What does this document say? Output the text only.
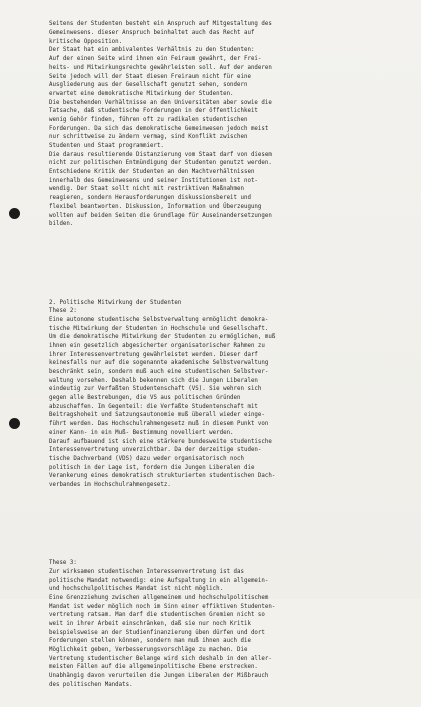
Seitens der Studenten besteht ein Anspruch auf Mitgestaltung des
Gemeinwesens. dieser Anspruch beinhaltet auch das Recht auf
kritische Opposition.
Der Staat hat ein ambivalentes Verhältnis zu den Studenten:
Auf der einen Seite wird ihnen ein Feiraum gewährt, der Frei-
heits- und Mitwirkungsrechte gewährleisten soll. Auf der anderen
Seite jedoch will der Staat diesen Freiraum nicht für eine
Ausgliederung aus der Gesellschaft genutzt sehen, sondern
erwartet eine demokratische Mitwirkung der Studenten.
Die bestehenden Verhältnisse an den Universitäten aber sowie die
Tatsache, daß studentische Forderungen in der öffentlichkeit
wenig Gehör finden, führen oft zu radikalen studentischen
Forderungen. Da sich das demokratische Gemeinwesen jedoch meist
nur schrittweise zu ändern vermag, sind Konflikt zwischen
Studenten und Staat programmiert.
Die daraus resultierende Distanzierung vom Staat darf von diesem
nicht zur politischen Entmündigung der Studenten genutzt werden.
Entschiedene Kritik der Studenten an den Machtverhältnissen
innerhalb des Gemeinwesens und seiner Institutionen ist not-
wendig. Der Staat sollt nicht mit restriktiven Maßnahmen
reagieren, sondern Herausforderungen diskussionsbereit und
flexibel beantworten. Diskussion, Information und Überzeugung
wollten auf beiden Seiten die Grundlage für Auseinandersetzungen
bilden.

2. Politische Mitwirkung der Studenten
These 2:
Eine autonome studentische Selbstverwaltung ermöglicht demokra-
tische Mitwirkung der Studenten in Hochschule und Gesellschaft.
Um die demokratische Mitwirkung der Studenten zu ermöglichen, muß
ihnen ein gesetzlich abgesicherter organisatorischer Rahmen zu
ihrer Interessenvertretung gewährleistet werden. Dieser darf
keinesfalls nur auf die sogenannte akademische Selbstverwaltung
beschränkt sein, sondern muß auch eine studentischen Selbstver-
waltung vorsehen. Deshalb bekennen sich die Jungen Liberalen
eindeutig zur Verfaßten Studentenschaft (VS). Sie wehren sich
gegen alle Bestrebungen, die VS aus politischen Gründen
abzuschaffen. Im Gegenteil: die Verfaßte Studentenschaft mit
Beitragshoheit und Satzungsautonomie muß überall wieder einge-
führt werden. Das Hochschulrahmengesetz muß in diesem Punkt von
einer Kann- in ein Muß- Bestimmung novelliert werden.
Darauf aufbauend ist sich eine stärkere bundesweite studentische
Interessenvertretung unverzichtbar. Da der derzeitige studen-
tische Dachverband (VDS) dazu weder organisatorisch noch
politisch in der Lage ist, fordern die Jungen Liberalen die
Verankerung eines demokratisch strukturierten studentischen Dach-
verbandes im Hochschulrahmengesetz.

These 3:
Zur wirksamen studentischen Interessenvertretung ist das
politische Mandat notwendig: eine Aufspaltung in ein allgemein-
und hochschulpolitisches Mandat ist nicht möglich.
Eine Grenzziehung zwischen allgemeinem und hochschulpolitischem
Mandat ist weder möglich noch im Sinn einer effiktiven Studenten-
vertretung ratsam. Man darf die studentischen Gremien nicht so
weit in ihrer Arbeit einschränken, daß sie nur noch Kritik
beispielsweise an der Studienfinanzierung üben dürfen und dort
Forderungen stellen können, sondern man muß ihnen auch die
Möglichkeit geben, Verbesserungsvorschläge zu machen. Die
Vertretung studentischer Belange wird sich deshalb in den aller-
meisten Fällen auf die allgemeinpolitische Ebene erstrecken.
Unabhängig davon verurteilen die Jungen Liberalen der Mißbrauch
des politischen Mandats.
